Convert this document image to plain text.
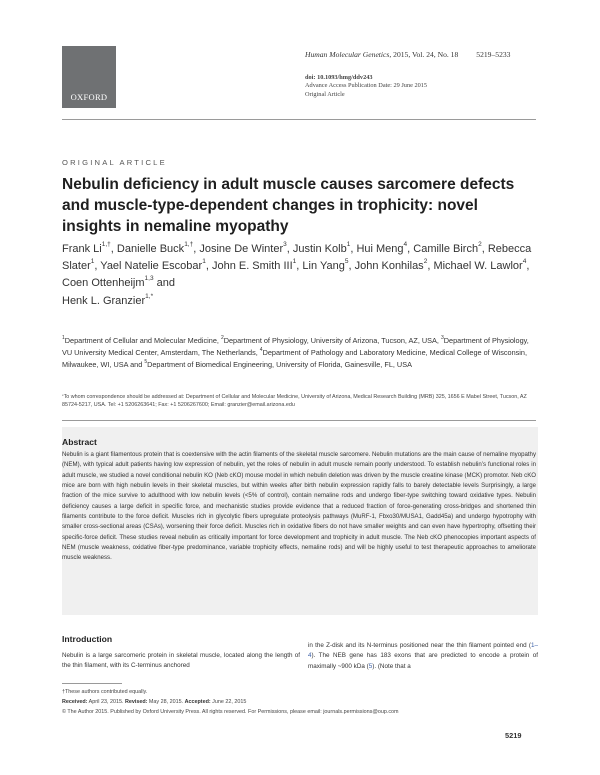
OXFORD
Human Molecular Genetics, 2015, Vol. 24, No. 18 5219–5233
doi: 10.1093/hmg/ddv243
Advance Access Publication Date: 29 June 2015
Original Article
ORIGINAL ARTICLE
Nebulin deficiency in adult muscle causes sarcomere defects and muscle-type-dependent changes in trophicity: novel insights in nemaline myopathy
Frank $Li^{1,\dagger}$, Danielle Buck$^{1,\dagger}$, Josine De Winter$^3$, Justin Kolb$^1$, Hui Meng$^4$, Camille Birch$^2$, Rebecca Slater$^1$, Yael Natelie Escobar$^1$, John E. Smith III$^1$, Lin Yang$^5$, John Konhilas$^2$, Michael W. Lawlor$^4$, Coen Ottenheijm$^{1,3}$ and
Henk L. Granzier$^{1,*}$
$^1$Department of Cellular and Molecular Medicine, $^2$Department of Physiology, University of Arizona, Tucson, AZ, USA, $^3$Department of Physiology, VU University Medical Center, Amsterdam, The Netherlands, $^4$Department of Pathology and Laboratory Medicine, Medical College of Wisconsin, Milwaukee, WI, USA and $^5$Department of Biomedical Engineering, University of Florida, Gainesville, FL, USA
*To whom correspondence should be addressed at: Department of Cellular and Molecular Medicine, University of Arizona, Medical Research Building (MRB) 325, 1656 E Mabel Street, Tucson, AZ 85724-5217, USA. Tel: +1 5206263641; Fax: +1 5206267600; Email: granzier@email.arizona.edu
Abstract
Nebulin is a giant filamentous protein that is coextensive with the actin filaments of the skeletal muscle sarcomere. Nebulin mutations are the main cause of nemaline myopathy (NEM), with typical adult patients having low expression of nebulin, yet the roles of nebulin in adult muscle remain poorly understood. To establish nebulin’s functional roles in adult muscle, we studied a novel conditional nebulin KO (Neb cKO) mouse model in which nebulin deletion was driven by the muscle creatine kinase (MCK) promotor. Neb cKO mice are born with high nebulin levels in their skeletal muscles, but within weeks after birth nebulin expression rapidly falls to barely detectable levels Surprisingly, a large fraction of the mice survive to adulthood with low nebulin levels (<5% of control), contain nemaline rods and undergo fiber-type switching toward oxidative types. Nebulin deficiency causes a large deficit in specific force, and mechanistic studies provide evidence that a reduced fraction of force-generating cross-bridges and shortened thin filaments contribute to the force deficit. Muscles rich in glycolytic fibers upregulate proteolysis pathways (MuRF-1, Fbxo30/MUSA1, Gadd45a) and undergo hypotrophy with smaller cross-sectional areas (CSAs), worsening their force deficit. Muscles rich in oxidative fibers do not have smaller weights and can even have hypertrophy, offsetting their specific-force deficit. These studies reveal nebulin as critically important for force development and trophicity in adult muscle. The Neb cKO phenocopies important aspects of NEM (muscle weakness, oxidative fiber-type predominance, variable trophicity effects, nemaline rods) and will be highly useful to test therapeutic approaches to ameliorate muscle weakness.
Introduction
Nebulin is a large sarcomeric protein in skeletal muscle, located along the length of the thin filament, with its C-terminus anchored
in the Z-disk and its N-terminus positioned near the thin filament pointed end (1–4). The NEB gene has 183 exons that are predicted to encode a protein of maximally ~900 kDa (5). (Note that a
†These authors contributed equally.
Received: April 23, 2015. Revised: May 28, 2015. Accepted: June 22, 2015
© The Author 2015. Published by Oxford University Press. All rights reserved. For Permissions, please email: journals.permissions@oup.com
5219
